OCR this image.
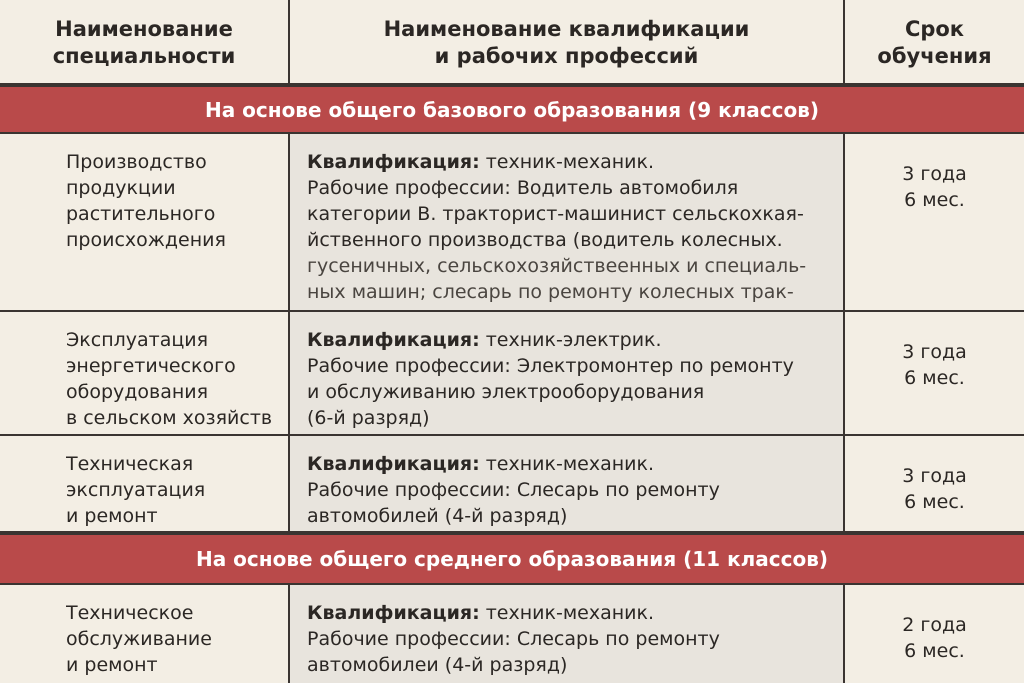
Наименование
специальности
Наименование квалификации
и рабочих профессий
Срок
обучения
На основе общего базового образования (9 классов)
Производство
продукции
растительного
происхождения
Квалификация: техник-механик.
Рабочие профессии: Водитель автомобиля
категории В. тракторист-машинист сельскохкая-
йственного производства (водитель колесных.
гусеничных, сельскохозяйствеенных и специаль-
ных машин; слесарь по ремонту колесных трак-
3 года
6 мес.
Эксплуатация
энергетического
оборудования
в сельском хозяйств
Квалификация: техник-электрик.
Рабочие профессии: Электромонтер по ремонту
и обслуживанию электрооборудования
(6-й разряд)
3 года
6 мес.
Техническая
эксплуатация
и ремонт
Квалификация: техник-механик.
Рабочие профессии: Слесарь по ремонту
автомобилей (4-й разряд)
3 года
6 мес.
На основе общего среднего образования (11 классов)
Техническое
обслуживание
и ремонт
Квалификация: техник-механик.
Рабочие профессии: Слесарь по ремонту
автомобилеи (4-й разряд)
2 года
6 мес.
